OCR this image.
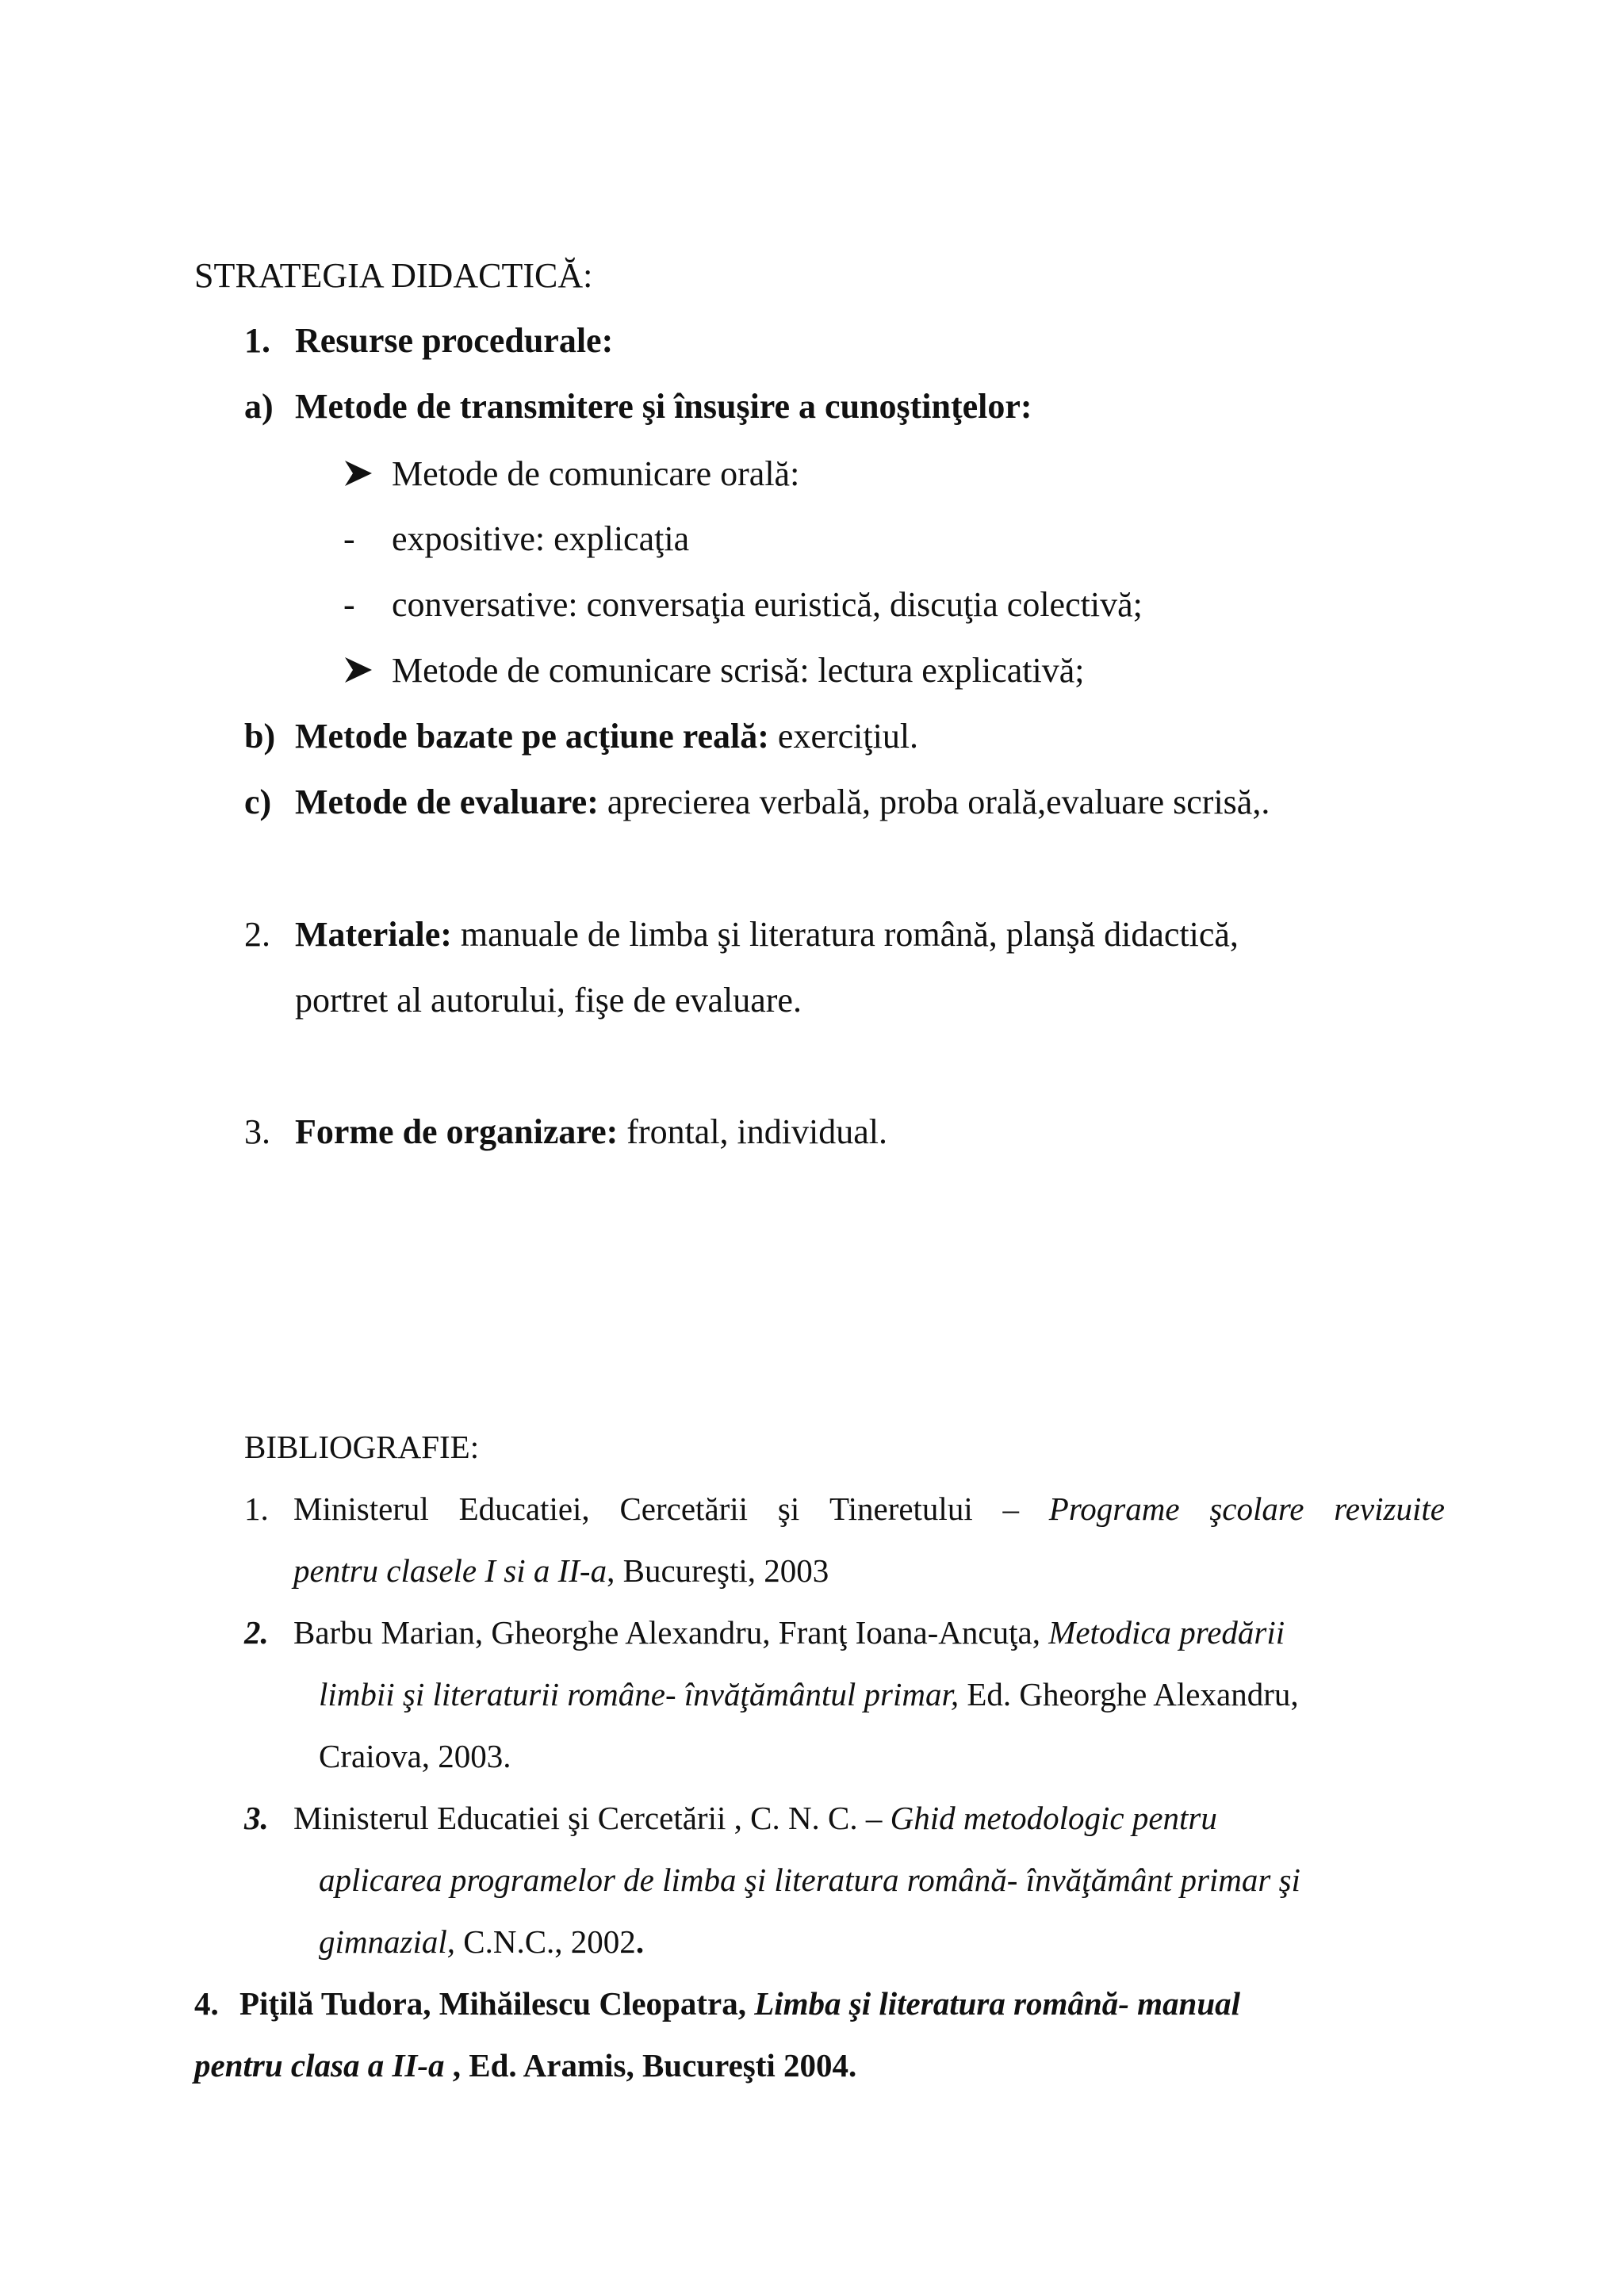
STRATEGIA DIDACTICĂ:
1. Resurse procedurale:
a) Metode de transmitere şi însuşire a cunoştinţelor:
Metode de comunicare orală:
- expositive: explicaţia
- conversative: conversaţia euristică, discuţia colectivă;
Metode de comunicare scrisă: lectura explicativă;
b) Metode bazate pe acţiune reală: exerciţiul.
c) Metode de evaluare: aprecierea verbală, proba orală,evaluare scrisă,.
2. Materiale: manuale de limba şi literatura română, planşă didactică,
portret al autorului, fişe de evaluare.
3. Forme de organizare: frontal, individual.
BIBLIOGRAFIE:
1. Ministerul Educatiei, Cercetării şi Tineretului – Programe şcolare revizuite
pentru clasele I si a II-a, Bucureşti, 2003
2. Barbu Marian, Gheorghe Alexandru, Franţ Ioana-Ancuţa, Metodica predării
limbii şi literaturii române- învăţământul primar, Ed. Gheorghe Alexandru,
Craiova, 2003.
3. Ministerul Educatiei şi Cercetării , C. N. C. – Ghid metodologic pentru
aplicarea programelor de limba şi literatura română- învăţământ primar şi
gimnazial, C.N.C., 2002.
4. Piţilă Tudora, Mihăilescu Cleopatra, Limba şi literatura română- manual
pentru clasa a II-a , Ed. Aramis, Bucureşti 2004.
